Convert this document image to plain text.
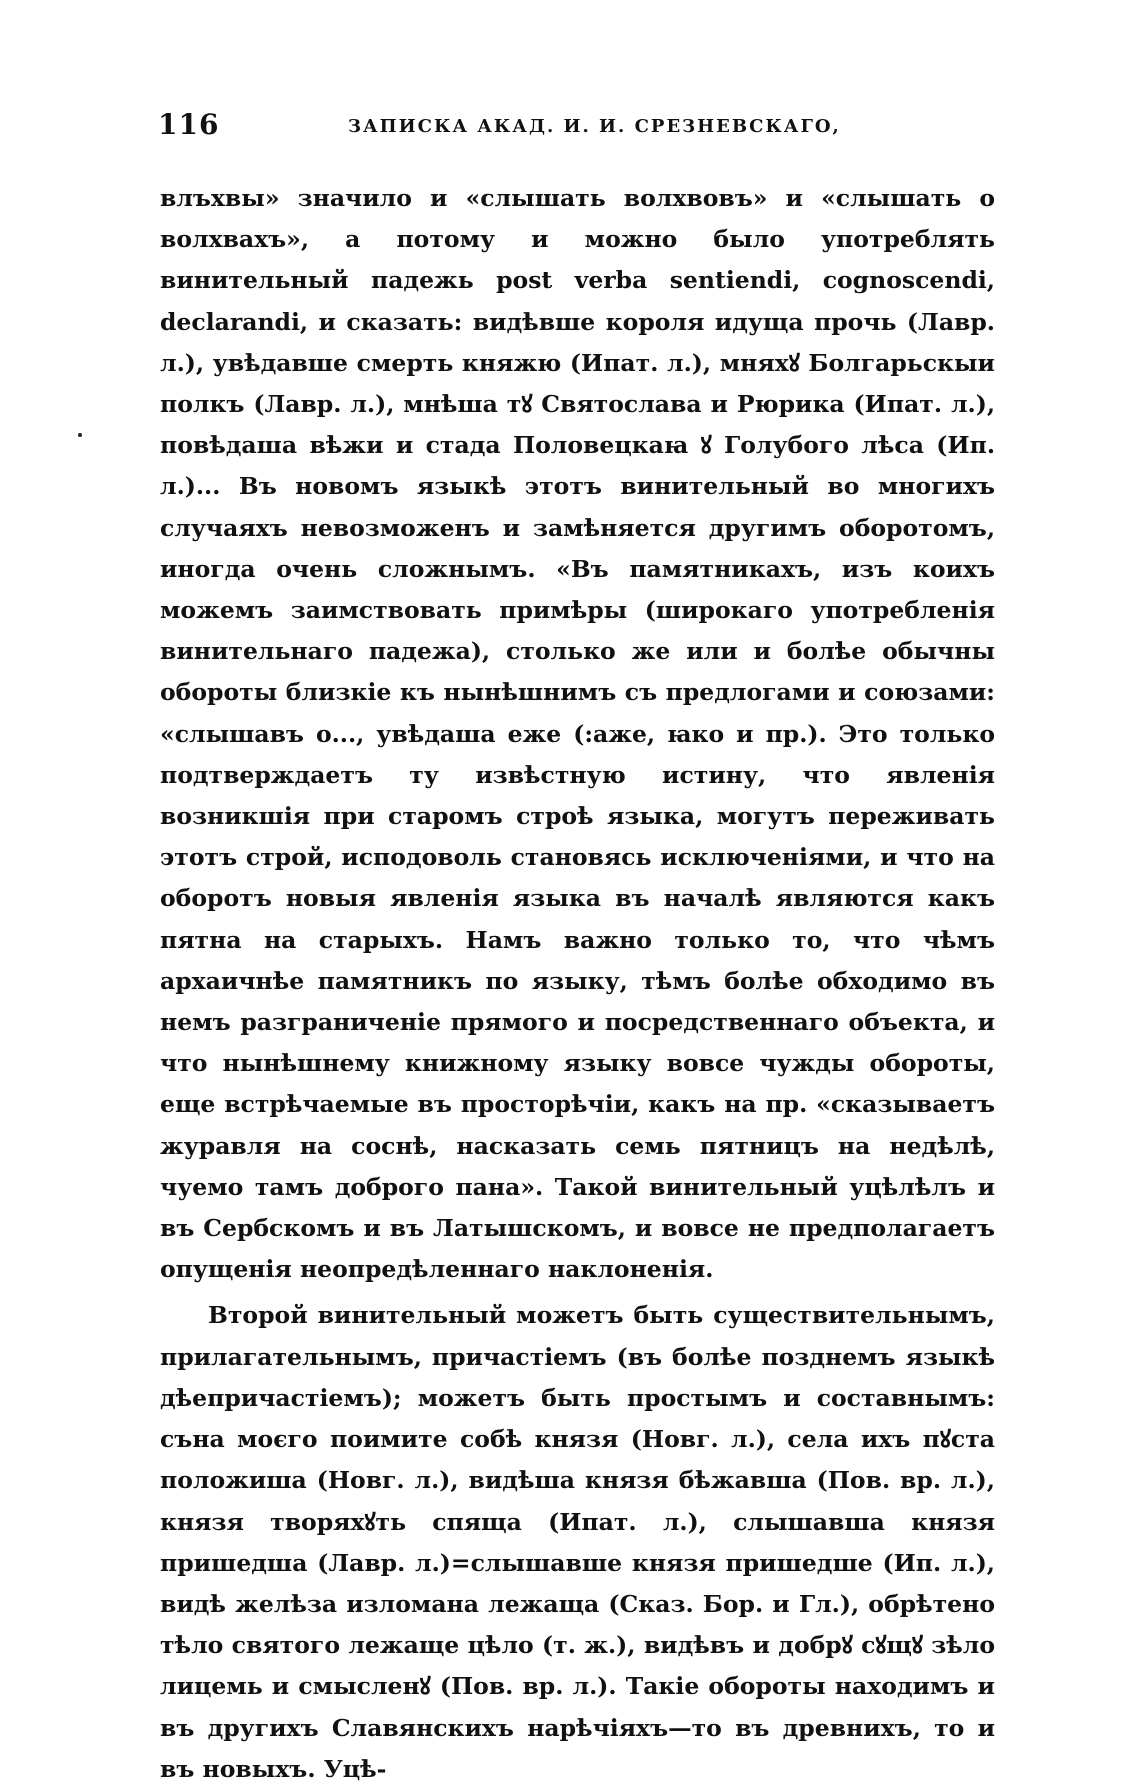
116	ЗАПИСКА АКАД. И. И. СРЕЗНЕВСКАГО,

влъхвы» значило и «слышать волхвовъ» и «слышать о волхвахъ», а потому и можно было употреблять винительный падежь post verba sentiendi, cognoscendi, declarandi, и сказать: видѣвше короля идуща прочь (Лавр. л.), увѣдавше смерть княжю (Ипат. л.), мняхꙋ Болгарьскыи полкъ (Лавр. л.), мнѣша тꙋ Святослава и Рюрика (Ипат. л.), повѣдаша вѣжи и стада Половецкаꙗ ꙋ Голубого лѣса (Ип. л.)... Въ новомъ языкѣ этотъ винительный во многихъ случаяхъ невозможенъ и замѣняется другимъ оборотомъ, иногда очень сложнымъ. «Въ памятникахъ, изъ коихъ можемъ заимствовать примѣры (широкаго употребленія винительнаго падежа), столько же или и болѣе обычны обороты близкіе къ нынѣшнимъ съ предлогами и союзами: «слышавъ о..., увѣдаша еже (:аже, ꙗко и пр.). Это только подтверждаетъ ту извѣстную истину, что явленія возникшія при старомъ строѣ языка, могутъ переживать этотъ строй, исподоволь становясь исключеніями, и что на оборотъ новыя явленія языка въ началѣ являются какъ пятна на старыхъ. Намъ важно только то, что чѣмъ архаичнѣе памятникъ по языку, тѣмъ болѣе обходимо въ немъ разграниченіе прямого и посредственнаго объекта, и что нынѣшнему книжному языку вовсе чужды обороты, еще встрѣчаемые въ просторѣчіи, какъ на пр. «сказываетъ журавля на соснѣ, насказать семь пятницъ на недѣлѣ, чуемо тамъ доброго пана». Такой винительный уцѣлѣлъ и въ Сербскомъ и въ Латышскомъ, и вовсе не предполагаетъ опущенія неопредѣленнаго наклоненія.

Второй винительный можетъ быть существительнымъ, прилагательнымъ, причастіемъ (въ болѣе позднемъ языкѣ дѣепричастіемъ); можетъ быть простымъ и составнымъ: съна моєго поимите собѣ князя (Новг. л.), села ихъ пꙋста положиша (Новг. л.), видѣша князя бѣжавша (Пов. вр. л.), князя творяхꙋть спяща (Ипат. л.), слышавша князя пришедша (Лавр. л.)=слышавше князя пришедше (Ип. л.), видѣ желѣза изломана лежаща (Сказ. Бор. и Гл.), обрѣтено тѣло святого лежаще цѣло (т. ж.), видѣвъ и добрꙋ сꙋщꙋ зѣло лицемь и смысленꙋ (Пов. вр. л.). Такіе обороты находимъ и въ другихъ Славянскихъ нарѣчіяхъ—то въ древнихъ, то и въ новыхъ. Уцѣ-
